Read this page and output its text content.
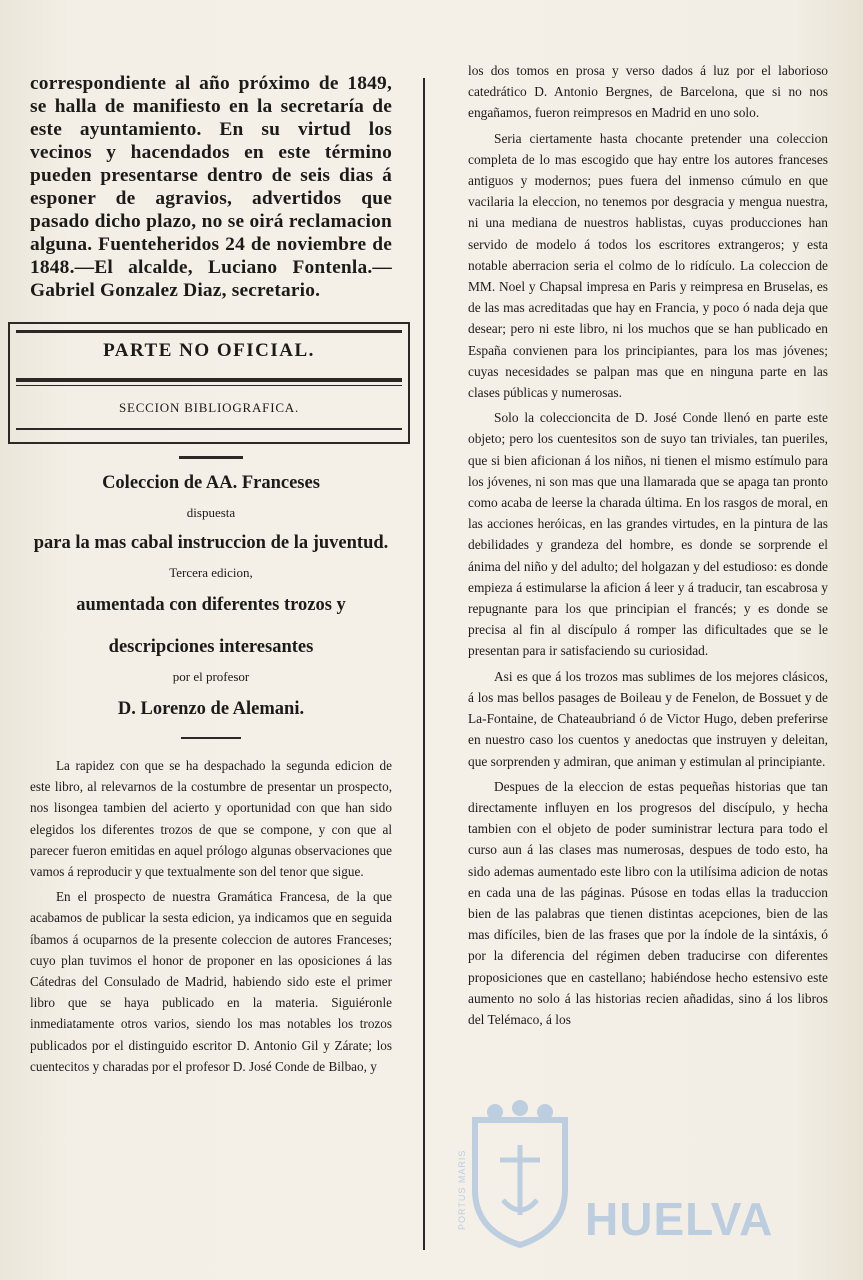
correspondiente al año próximo de 1849, se halla de manifiesto en la secretaría de este ayuntamiento. En su virtud los vecinos y hacendados en este término pueden presentarse dentro de seis dias á esponer de agravios, advertidos que pasado dicho plazo, no se oirá reclamacion alguna. Fuenteheridos 24 de noviembre de 1848.—El alcalde, Luciano Fontenla.—Gabriel Gonzalez Diaz, secretario.

PARTE NO OFICIAL.
SECCION BIBLIOGRAFICA.

Coleccion de AA. Franceses

dispuesta

para la mas cabal instruccion de la juventud.

Tercera edicion,

aumentada con diferentes trozos y

descripciones interesantes

por el profesor

D. Lorenzo de Alemani.

La rapidez con que se ha despachado la segunda edicion de este libro, al relevarnos de la costumbre de presentar un prospecto, nos lisongea tambien del acierto y oportunidad con que han sido elegidos los diferentes trozos de que se compone, y con que al parecer fueron emitidas en aquel prólogo algunas observaciones que vamos á reproducir y que textualmente son del tenor que sigue.

En el prospecto de nuestra Gramática Francesa, de la que acabamos de publicar la sesta edicion, ya indicamos que en seguida íbamos á ocuparnos de la presente coleccion de autores Franceses; cuyo plan tuvimos el honor de proponer en las oposiciones á las Cátedras del Consulado de Madrid, habiendo sido este el primer libro que se haya publicado en la materia. Siguiéronle inmediatamente otros varios, siendo los mas notables los trozos publicados por el distinguido escritor D. Antonio Gil y Zárate; los cuentecitos y charadas por el profesor D. José Conde de Bilbao, y

los dos tomos en prosa y verso dados á luz por el laborioso catedrático D. Antonio Bergnes, de Barcelona, que si no nos engañamos, fueron reimpresos en Madrid en uno solo.

Seria ciertamente hasta chocante pretender una coleccion completa de lo mas escogido que hay entre los autores franceses antiguos y modernos; pues fuera del inmenso cúmulo en que vacilaria la eleccion, no tenemos por desgracia y mengua nuestra, ni una mediana de nuestros hablistas, cuyas producciones han servido de modelo á todos los escritores extrangeros; y esta notable aberracion seria el colmo de lo ridículo. La coleccion de MM. Noel y Chapsal impresa en Paris y reimpresa en Bruselas, es de las mas acreditadas que hay en Francia, y poco ó nada deja que desear; pero ni este libro, ni los muchos que se han publicado en España convienen para los principiantes, para los mas jóvenes; cuyas necesidades se palpan mas que en ninguna parte en las clases públicas y numerosas.

Solo la coleccioncita de D. José Conde llenó en parte este objeto; pero los cuentesitos son de suyo tan triviales, tan pueriles, que si bien aficionan á los niños, ni tienen el mismo estímulo para los jóvenes, ni son mas que una llamarada que se apaga tan pronto como acaba de leerse la charada última. En los rasgos de moral, en las acciones heróicas, en las grandes virtudes, en la pintura de las debilidades y grandeza del hombre, es donde se sorprende el ánima del niño y del adulto; del holgazan y del estudioso: es donde empieza á estimularse la aficion á leer y á traducir, tan escabrosa y repugnante para los que principian el francés; y es donde se precisa al fin al discípulo á romper las dificultades que se le presentan para ir satisfaciendo su curiosidad.

Asi es que á los trozos mas sublimes de los mejores clásicos, á los mas bellos pasages de Boileau y de Fenelon, de Bossuet y de La-Fontaine, de Chateaubriand ó de Victor Hugo, deben preferirse en nuestro caso los cuentos y anedoctas que instruyen y deleitan, que sorprenden y admiran, que animan y estimulan al principiante.

Despues de la eleccion de estas pequeñas historias que tan directamente influyen en los progresos del discípulo, y hecha tambien con el objeto de poder suministrar lectura para todo el curso aun á las clases mas numerosas, despues de todo esto, ha sido ademas aumentado este libro con la utilísima adicion de notas en cada una de las páginas. Púsose en todas ellas la traduccion bien de las palabras que tienen distintas acepciones, bien de las mas difíciles, bien de las frases que por la índole de la sintáxis, ó por la diferencia del régimen deben traducirse con diferentes proposiciones que en castellano; habiéndose hecho estensivo este aumento no solo á las historias recien añadidas, sino á los libros del Telémaco, á los

PORTUS MARIS	HUELVA
